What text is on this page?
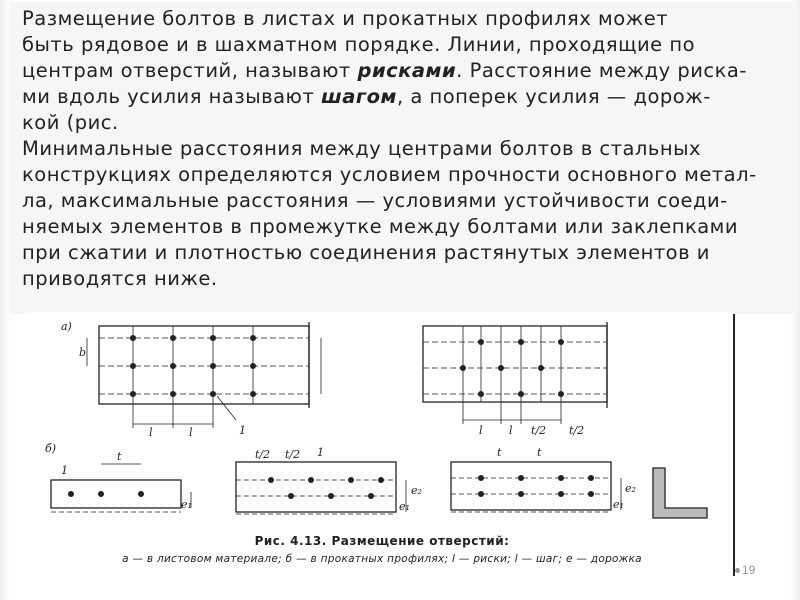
Размещение болтов в листах и прокатных профилях может
быть рядовое и в шахматном порядке. Линии, проходящие по
центрам отверстий, называют рисками. Расстояние между риска-
ми вдоль усилия называют шагом, а поперек усилия — дорож-
кой (рис.
Минимальные расстояния между центрами болтов в стальных
конструкциях определяются условием прочности основного метал-
ла, максимальные расстояния — условиями устойчивости соеди-
няемых элементов в промежутке между болтами или заклепками
при сжатии и плотностью соединения растянутых элементов и
приводятся ниже.
а)
б)
b
l	l	1	l l t/2 t/2
t
1
e₁
t/2 t/2 1
e₁
e₂
t	t
e₁
e₂
Рис. 4.13. Размещение отверстий:
а — в листовом материале; б — в прокатных профилях; l — риски; l — шаг; е — дорожка
19
